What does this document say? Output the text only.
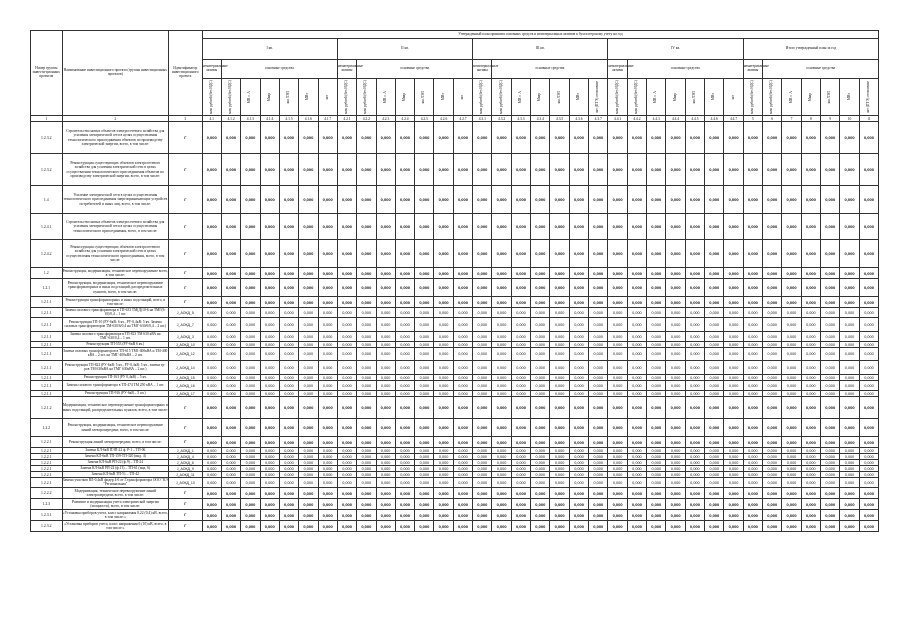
Номер группы инвести-ционных проектов	Наименование инвестиционного проекта (группы инвестиционных проектов)	Идентификатор инвестиционного проекта	Утвержденный план принятия основных средств и нематериальных активов к бухгалтерскому учету на год																																		
			I кв.							II кв.							III кв.							IV кв.							Итого утвержденный план за год						
			нематериальные активы	основные средства						нематериальные активы	основные средства						нематериальные активы	основные средства						нематериальные активы	основные средства						нематериальные активы	основные средства					

			млн рублей (без НДС)	млн рублей (без НДС)	МВ×А	Мвар	км ЛЭП	МВт	шт	млн рублей (без НДС)	млн рублей (без НДС)	МВ×А	Мвар	км ЛЭП	МВт	шт	млн рублей (без НДС)	млн рублей (без НДС)	МВ×А	Мвар	км ЛЭП	МВт	шт (ПТЭ) отопление	млн рублей (без НДС)	млн рублей (без НДС)	МВ×А	Мвар	км ЛЭП	МВт	шт	млн рублей (без НДС)	млн рублей (без НДС)	МВ×А	Мвар	км ЛЭП	МВт	шт (ПТЭ) отопление

1	2	3	4.1	4.1.2	4.1.3	4.1.4	4.1.5	4.1.6	4.1.7	4.2.1	4.2.2	4.2.3	4.2.4	4.2.5	4.2.6	4.2.7	4.3.1	4.3.2	4.3.3	4.3.4	4.3.5	4.3.6	4.3.7	4.4.1	4.4.2	4.4.3	4.4.4	4.4.5	4.4.6	4.4.7	5	6	7	8	9	10	11
1.2.3.2	Строительство новых объектов электросетевого хозяйства для усиления электрической сети в целях осуществления технологического присоединения объектов по производству электрической энергии, всего, в том числе:	Г	0,000	0,000	0,000	0,000	0,000	0,000	0,000	0,000	0,000	0,000	0,000	0,000	0,000	0,000	0,000	0,000	0,000	0,000	0,000	0,000	0,000	0,000	0,000	0,000	0,000	0,000	0,000	0,000	0,000	0,000	0,000	0,000	0,000	0,000	0,000
1.2.3.2	Реконструкция существующих объектов электросетевого хозяйства для усиления электрической сети в целях осуществления технологического присоединения объектов по производству электрической энергии, всего, в том числе:	Г	0,000	0,000	0,000	0,000	0,000	0,000	0,000	0,000	0,000	0,000	0,000	0,000	0,000	0,000	0,000	0,000	0,000	0,000	0,000	0,000	0,000	0,000	0,000	0,000	0,000	0,000	0,000	0,000	0,000	0,000	0,000	0,000	0,000	0,000	0,000
1.4	Усиление электрической сети в целях осуществления технологического присоединения энергопринимающих устройств потребителей и иных лиц, всего, в том числе:	Г	0,000	0,000	0,000	0,000	0,000	0,000	0,000	0,000	0,000	0,000	0,000	0,000	0,000	0,000	0,000	0,000	0,000	0,000	0,000	0,000	0,000	0,000	0,000	0,000	0,000	0,000	0,000	0,000	0,000	0,000	0,000	0,000	0,000	0,000	0,000
1.2.4.1	Строительство новых объектов электросетевого хозяйства для усиления электрической сети в целях осуществления технологического присоединения, всего, в том числе:	Г	0,000	0,000	0,000	0,000	0,000	0,000	0,000	0,000	0,000	0,000	0,000	0,000	0,000	0,000	0,000	0,000	0,000	0,000	0,000	0,000	0,000	0,000	0,000	0,000	0,000	0,000	0,000	0,000	0,000	0,000	0,000	0,000	0,000	0,000	0,000
1.2.4.2	Реконструкция существующих объектов электросетевого хозяйства для усиления электрической сети в целях осуществления технологического присоединения, всего, в том числе:	Г	0,000	0,000	0,000	0,000	0,000	0,000	0,000	0,000	0,000	0,000	0,000	0,000	0,000	0,000	0,000	0,000	0,000	0,000	0,000	0,000	0,000	0,000	0,000	0,000	0,000	0,000	0,000	0,000	0,000	0,000	0,000	0,000	0,000	0,000	0,000
1.2	Реконструкция, модернизация, техническое перевооружение всего, в том числе:	Г	0,000	0,000	0,000	0,000	0,000	0,000	0,000	0,000	0,000	0,000	0,000	0,000	0,000	0,000	0,000	0,000	0,000	0,000	0,000	0,000	0,000	0,000	0,000	0,000	0,000	0,000	0,000	0,000	0,000	0,000	0,000	0,000	0,000	0,000	0,000
1.2.1	Реконструкция, модернизация, техническое перевооружение трансформаторных и иных подстанций, распределительных пунктов, всего, в том числе:	Г	0,000	0,000	0,000	0,000	0,000	0,000	0,000	0,000	0,000	0,000	0,000	0,000	0,000	0,000	0,000	0,000	0,000	0,000	0,000	0,000	0,000	0,000	0,000	0,000	0,000	0,000	0,000	0,000	0,000	0,000	0,000	0,000	0,000	0,000	0,000
1.2.1.1	Реконструкция трансформаторных и иных подстанций, всего, в том числе:	Г	0,000	0,000	0,000	0,000	0,000	0,000	0,000	0,000	0,000	0,000	0,000	0,000	0,000	0,000	0,000	0,000	0,000	0,000	0,000	0,000	0,000	0,000	0,000	0,000	0,000	0,000	0,000	0,000	0,000	0,000	0,000	0,000	0,000	0,000	0,000
1.2.1.1	Замена силового трансформатора в ТП-633 ТМ(Д)10-6 на ТМГ(6-10)/0,4 – 1 шт.	J_АОКД_5	0,000	0,000	0,000	0,000	0,000	0,000	0,000	0,000	0,000	0,000	0,000	0,000	0,000	0,000	0,000	0,000	0,000	0,000	0,000	0,000	0,000	0,000	0,000	0,000	0,000	0,000	0,000	0,000	0,000	0,000	0,000	0,000	0,000	0,000	0,000
1.2.1.1	Реконструкция ТП-10 (РУ-6кВ: 6 яч., РУ-0,4кВ: 5 яч. Замена силовых трансформаторов ТМ-630/6/0,4 на ТМГ-630/6/0,4 – 2 шт.)	J_АОКД_7	0,000	0,000	0,000	0,000	0,000	0,000	0,000	0,000	0,000	0,000	0,000	0,000	0,000	0,000	0,000	0,000	0,000	0,000	0,000	0,000	0,000	0,000	0,000	0,000	0,000	0,000	0,000	0,000	0,000	0,000	0,000	0,000	0,000	0,000	0,000
1.2.1.1	Замена силового трансформатора в ТП-823 ТМ 630 кВА на ТМГ-630/0,4 – 1 шт.	J_АОКД_3	0,000	0,000	0,000	0,000	0,000	0,000	0,000	0,000	0,000	0,000	0,000	0,000	0,000	0,000	0,000	0,000	0,000	0,000	0,000	0,000	0,000	0,000	0,000	0,000	0,000	0,000	0,000	0,000	0,000	0,000	0,000	0,000	0,000	0,000	0,000
1.2.1.1	Реконструкция ТП-553 (РУ-6кВ 6 яч.)	J_АОКД_10	0,000	0,000	0,000	0,000	0,000	0,000	0,000	0,000	0,000	0,000	0,000	0,000	0,000	0,000	0,000	0,000	0,000	0,000	0,000	0,000	0,000	0,000	0,000	0,000	0,000	0,000	0,000	0,000	0,000	0,000	0,000	0,000	0,000	0,000	0,000
1.2.1.1	Замена силовых трансформаторов в ТП-615 ТМ1-400кВА и ТМ-400 кВА – 2 шт. на ТМГ-400кВА – 2 шт.	J_АОКД_12	0,000	0,000	0,000	0,000	0,000	0,000	0,000	0,000	0,000	0,000	0,000	0,000	0,000	0,000	0,000	0,000	0,000	0,000	0,000	0,000	0,000	0,000	0,000	0,000	0,000	0,000	0,000	0,000	0,000	0,000	0,000	0,000	0,000	0,000	0,000
1.2.1.1	Реконструкция ТП-822 (РУ-6кВ: 5 яч., РУ-0,4кВ: 5 яч., замена тр-ров ТМ 630кВА на ТМГ 630кВА – 2 шт.)	J_АОКД_14	0,000	0,000	0,000	0,000	0,000	0,000	0,000	0,000	0,000	0,000	0,000	0,000	0,000	0,000	0,000	0,000	0,000	0,000	0,000	0,000	0,000	0,000	0,000	0,000	0,000	0,000	0,000	0,000	0,000	0,000	0,000	0,000	0,000	0,000	0,000
1.2.1.1	Реконструкция ТП-163 (РУ 0,4кВ) – 5 яч.	J_АОКД_15	0,000	0,000	0,000	0,000	0,000	0,000	0,000	0,000	0,000	0,000	0,000	0,000	0,000	0,000	0,000	0,000	0,000	0,000	0,000	0,000	0,000	0,000	0,000	0,000	0,000	0,000	0,000	0,000	0,000	0,000	0,000	0,000	0,000	0,000	0,000
1.2.1.1	Замена силового трансформатора в ТП-474 ТМ 250 кВА – 1 шт.	J_АОКД_16	0,000	0,000	0,000	0,000	0,000	0,000	0,000	0,000	0,000	0,000	0,000	0,000	0,000	0,000	0,000	0,000	0,000	0,000	0,000	0,000	0,000	0,000	0,000	0,000	0,000	0,000	0,000	0,000	0,000	0,000	0,000	0,000	0,000	0,000	0,000
1.2.1.1	Реконструкция ТП-916 (РУ-6кВ – 5 яч.)	J_АОКД_17	0,000	0,000	0,000	0,000	0,000	0,000	0,000	0,000	0,000	0,000	0,000	0,000	0,000	0,000	0,000	0,000	0,000	0,000	0,000	0,000	0,000	0,000	0,000	0,000	0,000	0,000	0,000	0,000	0,000	0,000	0,000	0,000	0,000	0,000	0,000
1.2.1.2	Модернизация, техническое перевооружение трансформаторных и иных подстанций, распределительных пунктов, всего, в том числе:	Г	0,000	0,000	0,000	0,000	0,000	0,000	0,000	0,000	0,000	0,000	0,000	0,000	0,000	0,000	0,000	0,000	0,000	0,000	0,000	0,000	0,000	0,000	0,000	0,000	0,000	0,000	0,000	0,000	0,000	0,000	0,000	0,000	0,000	0,000	0,000
1.2.2	Реконструкция, модернизация, техническое перевооружение линий электропередачи, всего, в том числе:	Г	0,000	0,000	0,000	0,000	0,000	0,000	0,000	0,000	0,000	0,000	0,000	0,000	0,000	0,000	0,000	0,000	0,000	0,000	0,000	0,000	0,000	0,000	0,000	0,000	0,000	0,000	0,000	0,000	0,000	0,000	0,000	0,000	0,000	0,000	0,000
1.2.2.1	Реконструкция линий электропередачи, всего, в том числе:	Г	0,000	0,000	0,000	0,000	0,000	0,000	0,000	0,000	0,000	0,000	0,000	0,000	0,000	0,000	0,000	0,000	0,000	0,000	0,000	0,000	0,000	0,000	0,000	0,000	0,000	0,000	0,000	0,000	0,000	0,000	0,000	0,000	0,000	0,000	0,000
1.2.2.1	Замена КЛ-6кВ ПЭП-22 ф. Р-1 – ТП-06	J_АОКД_1	0,000	0,000	0,000	0,000	0,000	0,000	0,000	0,000	0,000	0,000	0,000	0,000	0,000	0,000	0,000	0,000	0,000	0,000	0,000	0,000	0,000	0,000	0,000	0,000	0,000	0,000	0,000	0,000	0,000	0,000	0,000	0,000	0,000	0,000	0,000
1.2.2.1	Замена КЛ-6кВ ТП-159-ТП-320 (инд. 4)	J_АОКД_4	0,000	0,000	0,000	0,000	0,000	0,000	0,000	0,000	0,000	0,000	0,000	0,000	0,000	0,000	0,000	0,000	0,000	0,000	0,000	0,000	0,000	0,000	0,000	0,000	0,000	0,000	0,000	0,000	0,000	0,000	0,000	0,000	0,000	0,000	0,000
1.2.2.1	Замена КЛ-6кВ РП-22 (ф.9) – ТП-24	J_АОКД_6	0,000	0,000	0,000	0,000	0,000	0,000	0,000	0,000	0,000	0,000	0,000	0,000	0,000	0,000	0,000	0,000	0,000	0,000	0,000	0,000	0,000	0,000	0,000	0,000	0,000	0,000	0,000	0,000	0,000	0,000	0,000	0,000	0,000	0,000	0,000
1.2.2.1	Замена КЛ-6кВ РП-22 (ф.13) – ТП-61 (инд. 6)	J_АОКД_9	0,000	0,000	0,000	0,000	0,000	0,000	0,000	0,000	0,000	0,000	0,000	0,000	0,000	0,000	0,000	0,000	0,000	0,000	0,000	0,000	0,000	0,000	0,000	0,000	0,000	0,000	0,000	0,000	0,000	0,000	0,000	0,000	0,000	0,000	0,000
1.2.2.1	Замена КЛ-6кВ ТП-51 – ТП-42	J_АОКД_11	0,000	0,000	0,000	0,000	0,000	0,000	0,000	0,000	0,000	0,000	0,000	0,000	0,000	0,000	0,000	0,000	0,000	0,000	0,000	0,000	0,000	0,000	0,000	0,000	0,000	0,000	0,000	0,000	0,000	0,000	0,000	0,000	0,000	0,000	0,000
1.2.2.1	Замена участков ВЛ-0,4кВ фидер 4-6 от Г.трансформатора ООО "КЭ "Региональная"	J_АОКД_13	0,000	0,000	0,000	0,000	0,000	0,000	0,000	0,000	0,000	0,000	0,000	0,000	0,000	0,000	0,000	0,000	0,000	0,000	0,000	0,000	0,000	0,000	0,000	0,000	0,000	0,000	0,000	0,000	0,000	0,000	0,000	0,000	0,000	0,000	0,000
1.2.2.2	Модернизация, техническое перевооружение линий электропередачи, всего, в том числе:	Г	0,000	0,000	0,000	0,000	0,000	0,000	0,000	0,000	0,000	0,000	0,000	0,000	0,000	0,000	0,000	0,000	0,000	0,000	0,000	0,000	0,000	0,000	0,000	0,000	0,000	0,000	0,000	0,000	0,000	0,000	0,000	0,000	0,000	0,000	0,000
1.2.3	Развитие и модернизация учета электрической энергии (мощности), всего, в том числе:	Г	0,000	0,000	0,000	0,000	0,000	0,000	0,000	0,000	0,000	0,000	0,000	0,000	0,000	0,000	0,000	0,000	0,000	0,000	0,000	0,000	0,000	0,000	0,000	0,000	0,000	0,000	0,000	0,000	0,000	0,000	0,000	0,000	0,000	0,000	0,000
1.2.3.1	«Установка приборов учета, класс напряжения 0,22 (0,4) кВ, всего, в том числе:»	Г	0,000	0,000	0,000	0,000	0,000	0,000	0,000	0,000	0,000	0,000	0,000	0,000	0,000	0,000	0,000	0,000	0,000	0,000	0,000	0,000	0,000	0,000	0,000	0,000	0,000	0,000	0,000	0,000	0,000	0,000	0,000	0,000	0,000	0,000	0,000
1.2.3.2	«Установка приборов учета, класс напряжения 6 (10) кВ, всего, в том числе:»	Г	0,000	0,000	0,000	0,000	0,000	0,000	0,000	0,000	0,000	0,000	0,000	0,000	0,000	0,000	0,000	0,000	0,000	0,000	0,000	0,000	0,000	0,000	0,000	0,000	0,000	0,000	0,000	0,000	0,000	0,000	0,000	0,000	0,000	0,000	0,000
